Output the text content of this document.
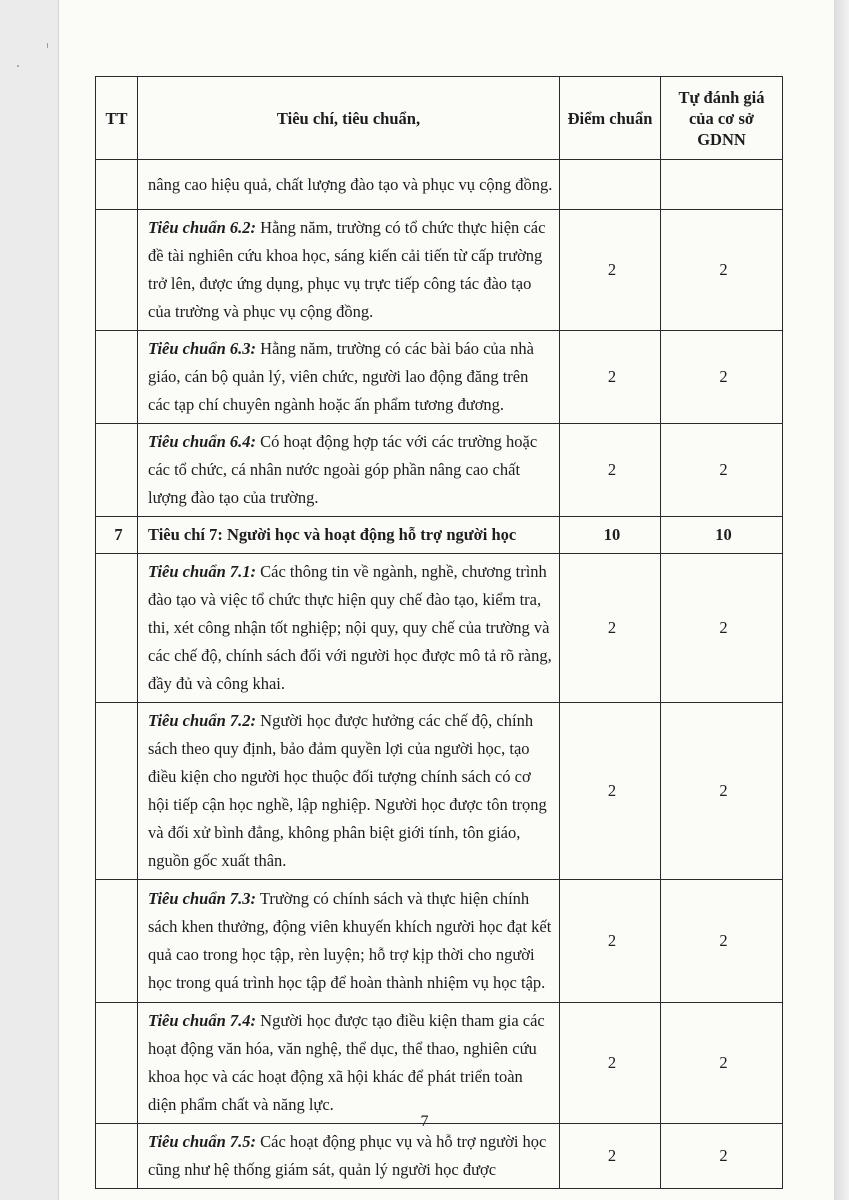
TT	Tiêu chí, tiêu chuẩn,	Điểm chuẩn	Tự đánh giá của cơ sở GDNN
	nâng cao hiệu quả, chất lượng đào tạo và phục vụ cộng đồng.		
	Tiêu chuẩn 6.2: Hằng năm, trường có tổ chức thực hiện các đề tài nghiên cứu khoa học, sáng kiến cải tiến từ cấp trường trở lên, được ứng dụng, phục vụ trực tiếp công tác đào tạo của trường và phục vụ cộng đồng.	2	2
	Tiêu chuẩn 6.3: Hằng năm, trường có các bài báo của nhà giáo, cán bộ quản lý, viên chức, người lao động đăng trên các tạp chí chuyên ngành hoặc ấn phẩm tương đương.	2	2
	Tiêu chuẩn 6.4: Có hoạt động hợp tác với các trường hoặc các tổ chức, cá nhân nước ngoài góp phần nâng cao chất lượng đào tạo của trường.	2	2
7	Tiêu chí 7: Người học và hoạt động hỗ trợ người học	10	10
	Tiêu chuẩn 7.1: Các thông tin về ngành, nghề, chương trình đào tạo và việc tổ chức thực hiện quy chế đào tạo, kiểm tra, thi, xét công nhận tốt nghiệp; nội quy, quy chế của trường và các chế độ, chính sách đối với người học được mô tả rõ ràng, đầy đủ và công khai.	2	2
	Tiêu chuẩn 7.2: Người học được hưởng các chế độ, chính sách theo quy định, bảo đảm quyền lợi của người học, tạo điều kiện cho người học thuộc đối tượng chính sách có cơ hội tiếp cận học nghề, lập nghiệp. Người học được tôn trọng và đối xử bình đẳng, không phân biệt giới tính, tôn giáo, nguồn gốc xuất thân.	2	2
	Tiêu chuẩn 7.3: Trường có chính sách và thực hiện chính sách khen thưởng, động viên khuyến khích người học đạt kết quả cao trong học tập, rèn luyện; hỗ trợ kịp thời cho người học trong quá trình học tập để hoàn thành nhiệm vụ học tập.	2	2
	Tiêu chuẩn 7.4: Người học được tạo điều kiện tham gia các hoạt động văn hóa, văn nghệ, thể dục, thể thao, nghiên cứu khoa học và các hoạt động xã hội khác để phát triển toàn diện phẩm chất và năng lực.	2	2
	Tiêu chuẩn 7.5: Các hoạt động phục vụ và hỗ trợ người học cũng như hệ thống giám sát, quản lý người học được	2	2
7
